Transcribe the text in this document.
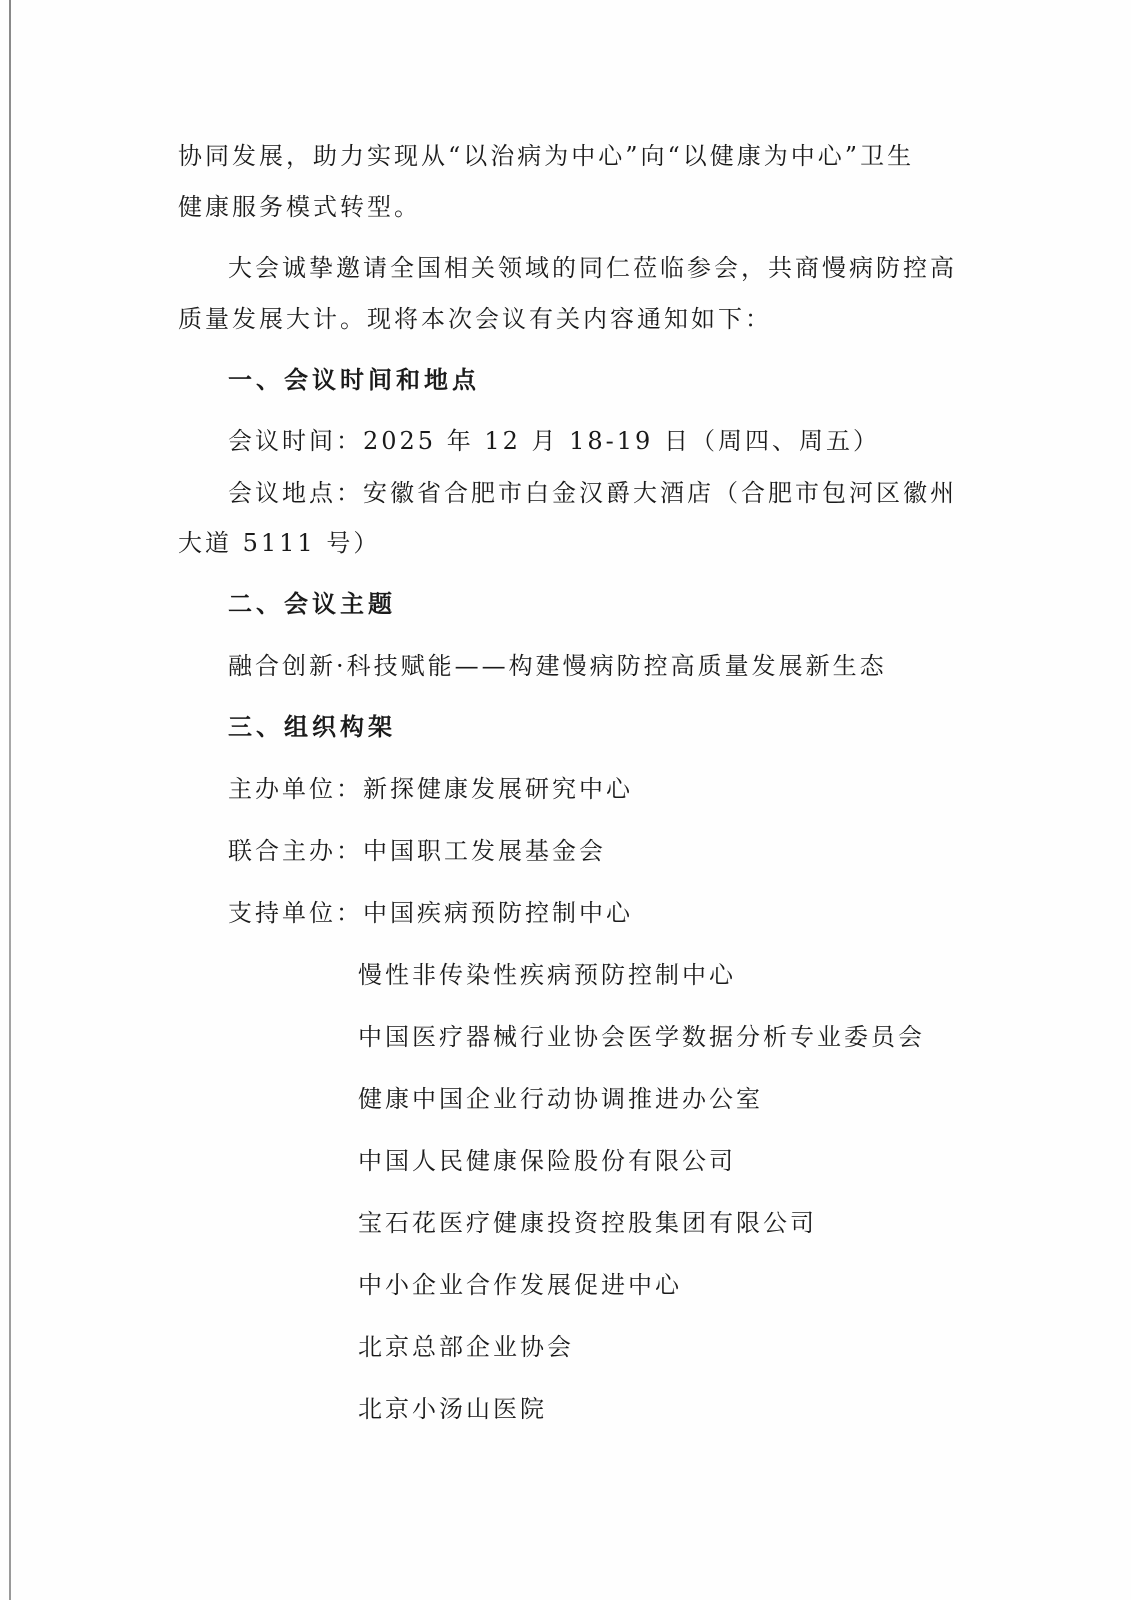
协同发展，助力实现从“以治病为中心”向“以健康为中心”卫生
健康服务模式转型。
大会诚挚邀请全国相关领域的同仁莅临参会，共商慢病防控高
质量发展大计。现将本次会议有关内容通知如下：
一、会议时间和地点
会议时间：2025 年 12 月 18-19 日（周四、周五）
会议地点：安徽省合肥市白金汉爵大酒店（合肥市包河区徽州
大道 5111 号）
二、会议主题
融合创新·科技赋能——构建慢病防控高质量发展新生态
三、组织构架
主办单位：新探健康发展研究中心
联合主办：中国职工发展基金会
支持单位：中国疾病预防控制中心
慢性非传染性疾病预防控制中心
中国医疗器械行业协会医学数据分析专业委员会
健康中国企业行动协调推进办公室
中国人民健康保险股份有限公司
宝石花医疗健康投资控股集团有限公司
中小企业合作发展促进中心
北京总部企业协会
北京小汤山医院
